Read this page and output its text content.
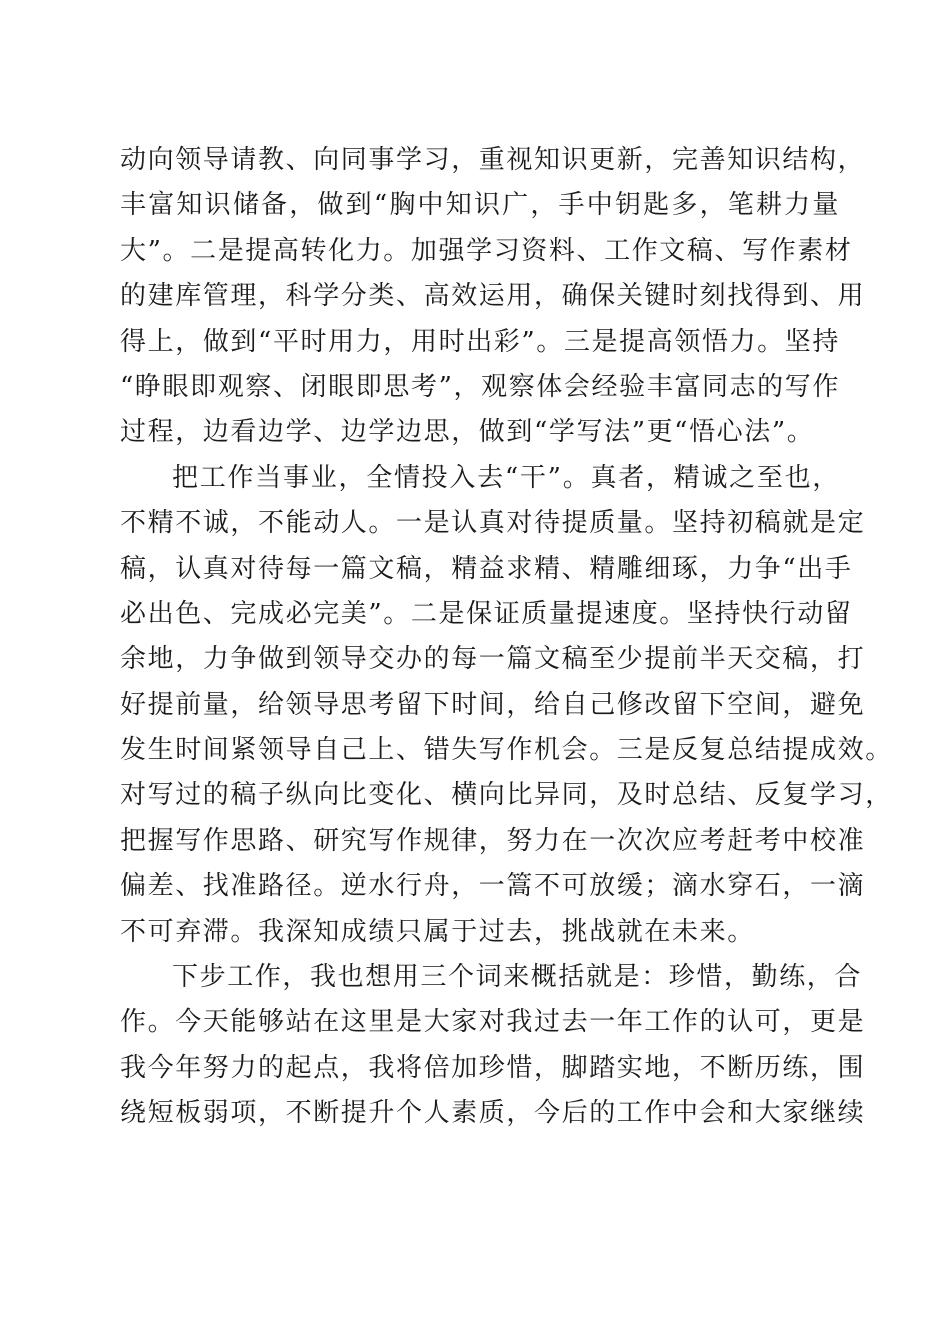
动向领导请教、向同事学习，重视知识更新，完善知识结构，
丰富知识储备，做到“胸中知识广，手中钥匙多，笔耕力量
大”。二是提高转化力。加强学习资料、工作文稿、写作素材
的建库管理，科学分类、高效运用，确保关键时刻找得到、用
得上，做到“平时用力，用时出彩”。三是提高领悟力。坚持
“睁眼即观察、闭眼即思考”，观察体会经验丰富同志的写作
过程，边看边学、边学边思，做到“学写法”更“悟心法”。
把工作当事业，全情投入去“干”。真者，精诚之至也，
不精不诚，不能动人。一是认真对待提质量。坚持初稿就是定
稿，认真对待每一篇文稿，精益求精、精雕细琢，力争“出手
必出色、完成必完美”。二是保证质量提速度。坚持快行动留
余地，力争做到领导交办的每一篇文稿至少提前半天交稿，打
好提前量，给领导思考留下时间，给自己修改留下空间，避免
发生时间紧领导自己上、错失写作机会。三是反复总结提成效。
对写过的稿子纵向比变化、横向比异同，及时总结、反复学习，
把握写作思路、研究写作规律，努力在一次次应考赶考中校准
偏差、找准路径。逆水行舟，一篙不可放缓；滴水穿石，一滴
不可弃滞。我深知成绩只属于过去，挑战就在未来。
下步工作，我也想用三个词来概括就是：珍惜，勤练，合
作。今天能够站在这里是大家对我过去一年工作的认可，更是
我今年努力的起点，我将倍加珍惜，脚踏实地，不断历练，围
绕短板弱项，不断提升个人素质，今后的工作中会和大家继续
